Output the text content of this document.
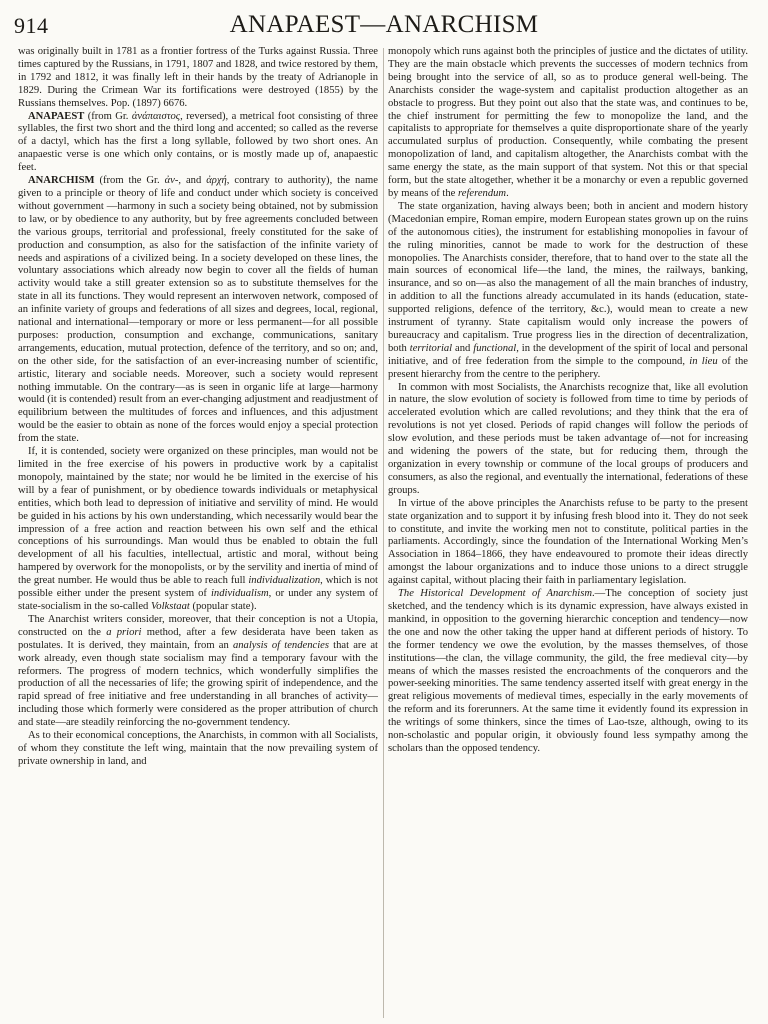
914	ANAPAEST—ANARCHISM

was originally built in 1781 as a frontier fortress of the Turks against Russia. Three times captured by the Russians, in 1791, 1807 and 1828, and twice restored by them, in 1792 and 1812, it was finally left in their hands by the treaty of Adrianople in 1829. During the Crimean War its fortifications were destroyed (1855) by the Russians themselves. Pop. (1897) 6676.

ANAPAEST (from Gr. ἀνάπαιστος, reversed), a metrical foot consisting of three syllables, the first two short and the third long and accented; so called as the reverse of a dactyl, which has the first a long syllable, followed by two short ones. An anapaestic verse is one which only contains, or is mostly made up of, anapaestic feet.

ANARCHISM (from the Gr. ἀν-, and ἀρχή, contrary to authority), the name given to a principle or theory of life and conduct under which society is conceived without government —harmony in such a society being obtained, not by submission to law, or by obedience to any authority, but by free agreements concluded between the various groups, territorial and professional, freely constituted for the sake of production and consumption, as also for the satisfaction of the infinite variety of needs and aspirations of a civilized being. In a society developed on these lines, the voluntary associations which already now begin to cover all the fields of human activity would take a still greater extension so as to substitute themselves for the state in all its functions. They would represent an interwoven network, composed of an infinite variety of groups and federations of all sizes and degrees, local, regional, national and international—temporary or more or less permanent—for all possible purposes: production, consumption and exchange, communications, sanitary arrangements, education, mutual protection, defence of the territory, and so on; and, on the other side, for the satisfaction of an ever-increasing number of scientific, artistic, literary and sociable needs. Moreover, such a society would represent nothing immutable. On the contrary—as is seen in organic life at large—harmony would (it is contended) result from an ever-changing adjustment and readjustment of equilibrium between the multitudes of forces and influences, and this adjustment would be the easier to obtain as none of the forces would enjoy a special protection from the state.

If, it is contended, society were organized on these principles, man would not be limited in the free exercise of his powers in productive work by a capitalist monopoly, maintained by the state; nor would he be limited in the exercise of his will by a fear of punishment, or by obedience towards individuals or metaphysical entities, which both lead to depression of initiative and servility of mind. He would be guided in his actions by his own understanding, which necessarily would bear the impression of a free action and reaction between his own self and the ethical conceptions of his surroundings. Man would thus be enabled to obtain the full development of all his faculties, intellectual, artistic and moral, without being hampered by overwork for the monopolists, or by the servility and inertia of mind of the great number. He would thus be able to reach full individualization, which is not possible either under the present system of individualism, or under any system of state-socialism in the so-called Volkstaat (popular state).

The Anarchist writers consider, moreover, that their conception is not a Utopia, constructed on the a priori method, after a few desiderata have been taken as postulates. It is derived, they maintain, from an analysis of tendencies that are at work already, even though state socialism may find a temporary favour with the reformers. The progress of modern technics, which wonderfully simplifies the production of all the necessaries of life; the growing spirit of independence, and the rapid spread of free initiative and free understanding in all branches of activity—including those which formerly were considered as the proper attribution of church and state—are steadily reinforcing the no-government tendency.

As to their economical conceptions, the Anarchists, in common with all Socialists, of whom they constitute the left wing, maintain that the now prevailing system of private ownership in land, and

monopoly which runs against both the principles of justice and the dictates of utility. They are the main obstacle which prevents the successes of modern technics from being brought into the service of all, so as to produce general well-being. The Anarchists consider the wage-system and capitalist production altogether as an obstacle to progress. But they point out also that the state was, and continues to be, the chief instrument for permitting the few to monopolize the land, and the capitalists to appropriate for themselves a quite disproportionate share of the yearly accumulated surplus of production. Consequently, while combating the present monopolization of land, and capitalism altogether, the Anarchists combat with the same energy the state, as the main support of that system. Not this or that special form, but the state altogether, whether it be a monarchy or even a republic governed by means of the referendum.

The state organization, having always been; both in ancient and modern history (Macedonian empire, Roman empire, modern European states grown up on the ruins of the autonomous cities), the instrument for establishing monopolies in favour of the ruling minorities, cannot be made to work for the destruction of these monopolies. The Anarchists consider, therefore, that to hand over to the state all the main sources of economical life—the land, the mines, the railways, banking, insurance, and so on—as also the management of all the main branches of industry, in addition to all the functions already accumulated in its hands (education, state-supported religions, defence of the territory, &c.), would mean to create a new instrument of tyranny. State capitalism would only increase the powers of bureaucracy and capitalism. True progress lies in the direction of decentralization, both territorial and functional, in the development of the spirit of local and personal initiative, and of free federation from the simple to the compound, in lieu of the present hierarchy from the centre to the periphery.

In common with most Socialists, the Anarchists recognize that, like all evolution in nature, the slow evolution of society is followed from time to time by periods of accelerated evolution which are called revolutions; and they think that the era of revolutions is not yet closed. Periods of rapid changes will follow the periods of slow evolution, and these periods must be taken advantage of—not for increasing and widening the powers of the state, but for reducing them, through the organization in every township or commune of the local groups of producers and consumers, as also the regional, and eventually the international, federations of these groups.

In virtue of the above principles the Anarchists refuse to be party to the present state organization and to support it by infusing fresh blood into it. They do not seek to constitute, and invite the working men not to constitute, political parties in the parliaments. Accordingly, since the foundation of the International Working Men’s Association in 1864–1866, they have endeavoured to promote their ideas directly amongst the labour organizations and to induce those unions to a direct struggle against capital, without placing their faith in parliamentary legislation.

The Historical Development of Anarchism.—The conception of society just sketched, and the tendency which is its dynamic expression, have always existed in mankind, in opposition to the governing hierarchic conception and tendency—now the one and now the other taking the upper hand at different periods of history. To the former tendency we owe the evolution, by the masses themselves, of those institutions—the clan, the village community, the gild, the free medieval city—by means of which the masses resisted the encroachments of the conquerors and the power-seeking minorities. The same tendency asserted itself with great energy in the great religious movements of medieval times, especially in the early movements of the reform and its forerunners. At the same time it evidently found its expression in the writings of some thinkers, since the times of Lao-tsze, although, owing to its non-scholastic and popular origin, it obviously found less sympathy among the scholars than the opposed tendency.
